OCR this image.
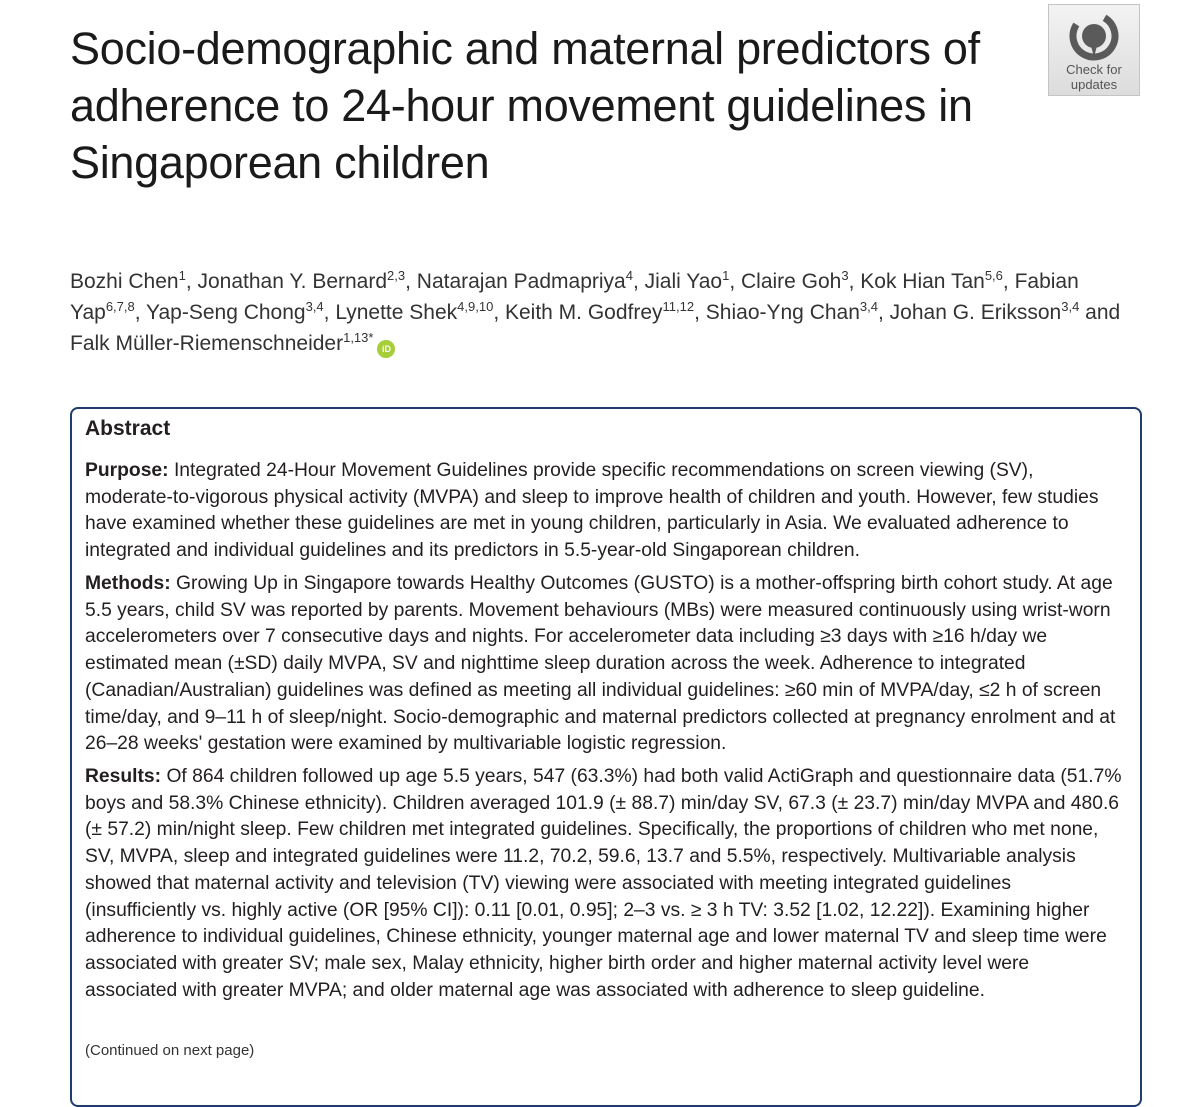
Socio-demographic and maternal predictors of adherence to 24-hour movement guidelines in Singaporean children
Check for
updates
Bozhi Chen$^1$, Jonathan Y. Bernard$^{2,3}$, Natarajan Padmapriya$^4$, Jiali Yao$^1$, Claire Goh$^3$, Kok Hian Tan$^{5,6}$, Fabian Yap$^{6,7,8}$, Yap-Seng Chong$^{3,4}$, Lynette Shek$^{4,9,10}$, Keith M. Godfrey$^{11,12}$, Shiao-Yng Chan$^{3,4}$, Johan G. Eriksson$^{3,4}$ and Falk Müller-Riemenschneider$^{1,13*}$iD
Abstract

Purpose: Integrated 24-Hour Movement Guidelines provide specific recommendations on screen viewing (SV), moderate-to-vigorous physical activity (MVPA) and sleep to improve health of children and youth. However, few studies have examined whether these guidelines are met in young children, particularly in Asia. We evaluated adherence to integrated and individual guidelines and its predictors in 5.5-year-old Singaporean children.

Methods: Growing Up in Singapore towards Healthy Outcomes (GUSTO) is a mother-offspring birth cohort study. At age 5.5 years, child SV was reported by parents. Movement behaviours (MBs) were measured continuously using wrist-worn accelerometers over 7 consecutive days and nights. For accelerometer data including ≥3 days with ≥16 h/day we estimated mean (±SD) daily MVPA, SV and nighttime sleep duration across the week. Adherence to integrated (Canadian/Australian) guidelines was defined as meeting all individual guidelines: ≥60 min of MVPA/day, ≤2 h of screen time/day, and 9–11 h of sleep/night. Socio-demographic and maternal predictors collected at pregnancy enrolment and at 26–28 weeks' gestation were examined by multivariable logistic regression.

Results: Of 864 children followed up age 5.5 years, 547 (63.3%) had both valid ActiGraph and questionnaire data (51.7% boys and 58.3% Chinese ethnicity). Children averaged 101.9 (± 88.7) min/day SV, 67.3 (± 23.7) min/day MVPA and 480.6 (± 57.2) min/night sleep. Few children met integrated guidelines. Specifically, the proportions of children who met none, SV, MVPA, sleep and integrated guidelines were 11.2, 70.2, 59.6, 13.7 and 5.5%, respectively. Multivariable analysis showed that maternal activity and television (TV) viewing were associated with meeting integrated guidelines (insufficiently vs. highly active (OR [95% CI]): 0.11 [0.01, 0.95]; 2–3 vs. ≥ 3 h TV: 3.52 [1.02, 12.22]). Examining higher adherence to individual guidelines, Chinese ethnicity, younger maternal age and lower maternal TV and sleep time were associated with greater SV; male sex, Malay ethnicity, higher birth order and higher maternal activity level were associated with greater MVPA; and older maternal age was associated with adherence to sleep guideline.

(Continued on next page)
